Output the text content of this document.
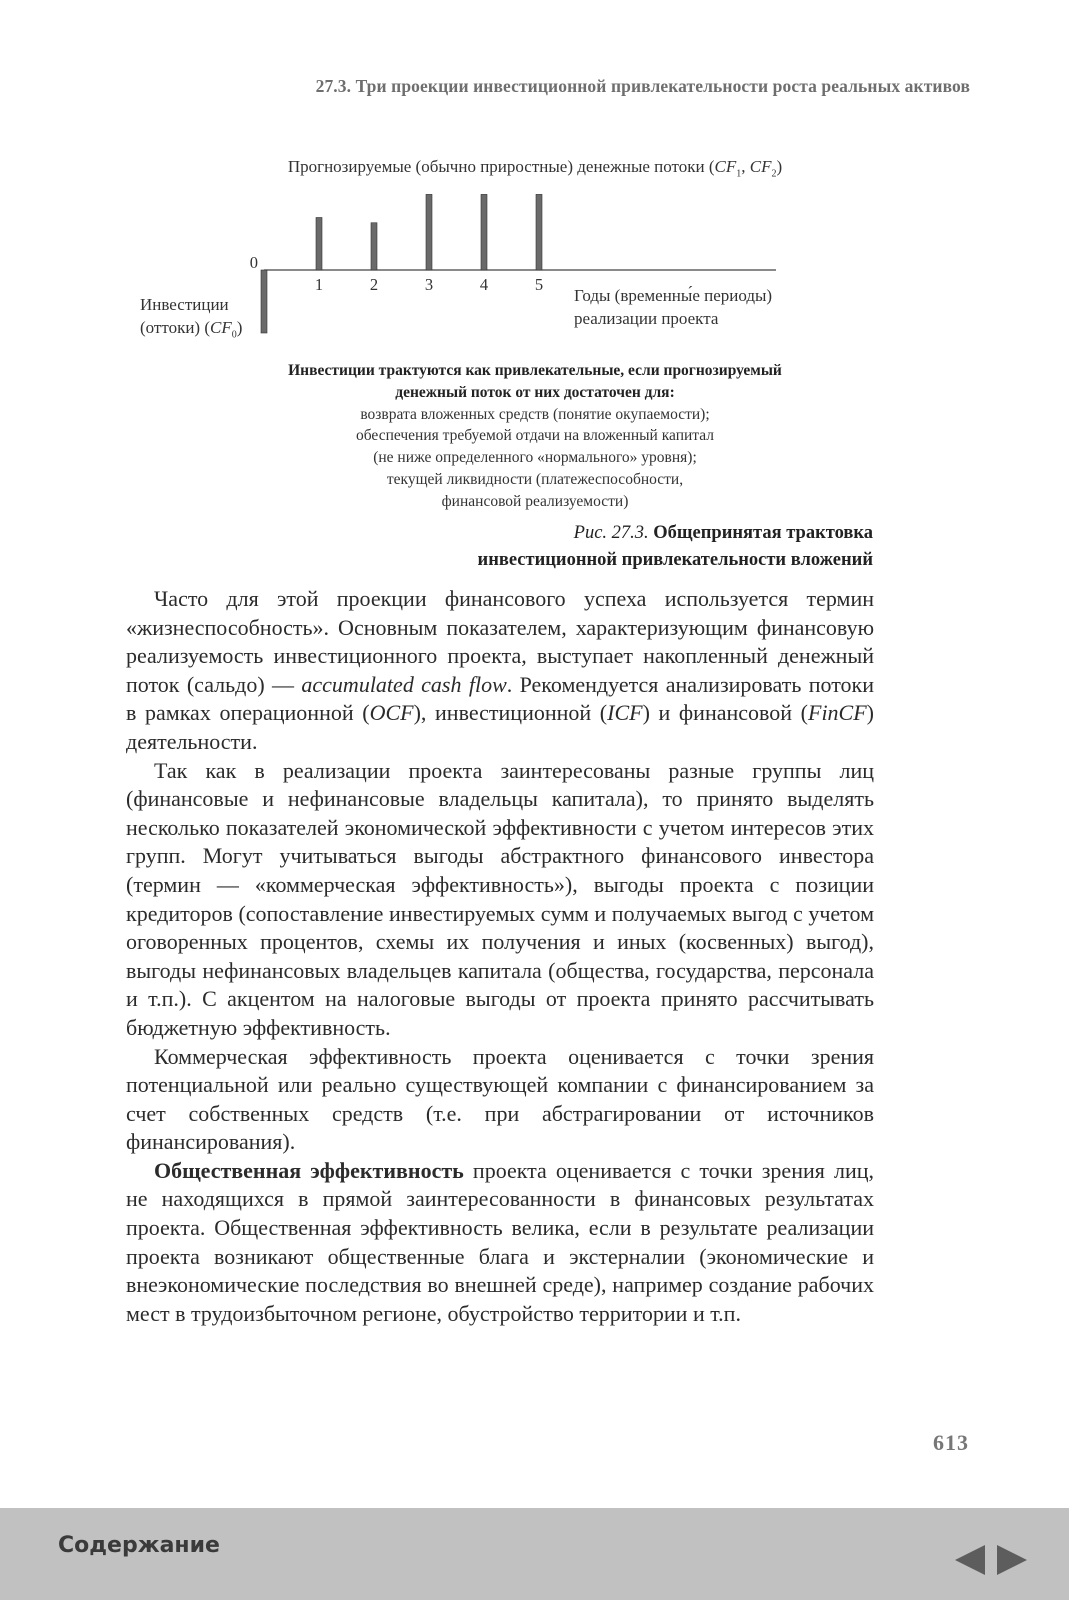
27.3. Три проекции инвестиционной привлекательности роста реальных активов
Прогнозируемые (обычно приростные) денежные потоки ($CF_1$, $CF_2$)
0
1	2	3	4	5
Инвестиции
(оттоки) $(CF_0)$
Годы (временны́е периоды)
реализации проекта
Инвестиции трактуются как привлекательные, если прогнозируемый
денежный поток от них достаточен для:
возврата вложенных средств (понятие окупаемости);
обеспечения требуемой отдачи на вложенный капитал
(не ниже определенного «нормального» уровня);
текущей ликвидности (платежеспособности,
финансовой реализуемости)
Рис. 27.3. Общепринятая трактовка
инвестиционной привлекательности вложений

Часто для этой проекции финансового успеха используется термин «жизнеспособность». Основным показателем, характеризующим финансовую реализуемость инвестиционного проекта, выступает накопленный денежный поток (сальдо) — accumulated cash flow. Рекомендуется анализировать потоки в рамках операционной (OCF), инвестиционной (ICF) и финансовой (FinCF) деятельности.

Так как в реализации проекта заинтересованы разные группы лиц (финансовые и нефинансовые владельцы капитала), то принято выделять несколько показателей экономической эффективности с учетом интересов этих групп. Могут учитываться выгоды абстрактного финансового инвестора (термин — «коммерческая эффективность»), выгоды проекта с позиции кредиторов (сопоставление инвестируемых сумм и получаемых выгод с учетом оговоренных процентов, схемы их получения и иных (косвенных) выгод), выгоды нефинансовых владельцев капитала (общества, государства, персонала и т.п.). С акцентом на налоговые выгоды от проекта принято рассчитывать бюджетную эффективность.

Коммерческая эффективность проекта оценивается с точки зрения потенциальной или реально существующей компании с финансированием за счет собственных средств (т.е. при абстрагировании от источников финансирования).

Общественная эффективность проекта оценивается с точки зрения лиц, не находящихся в прямой заинтересованности в финансовых результатах проекта. Общественная эффективность велика, если в результате реализации проекта возникают общественные блага и экстерналии (экономические и внеэкономические последствия во внешней среде), например создание рабочих мест в трудоизбыточном регионе, обустройство территории и т.п.

613
Содержание
